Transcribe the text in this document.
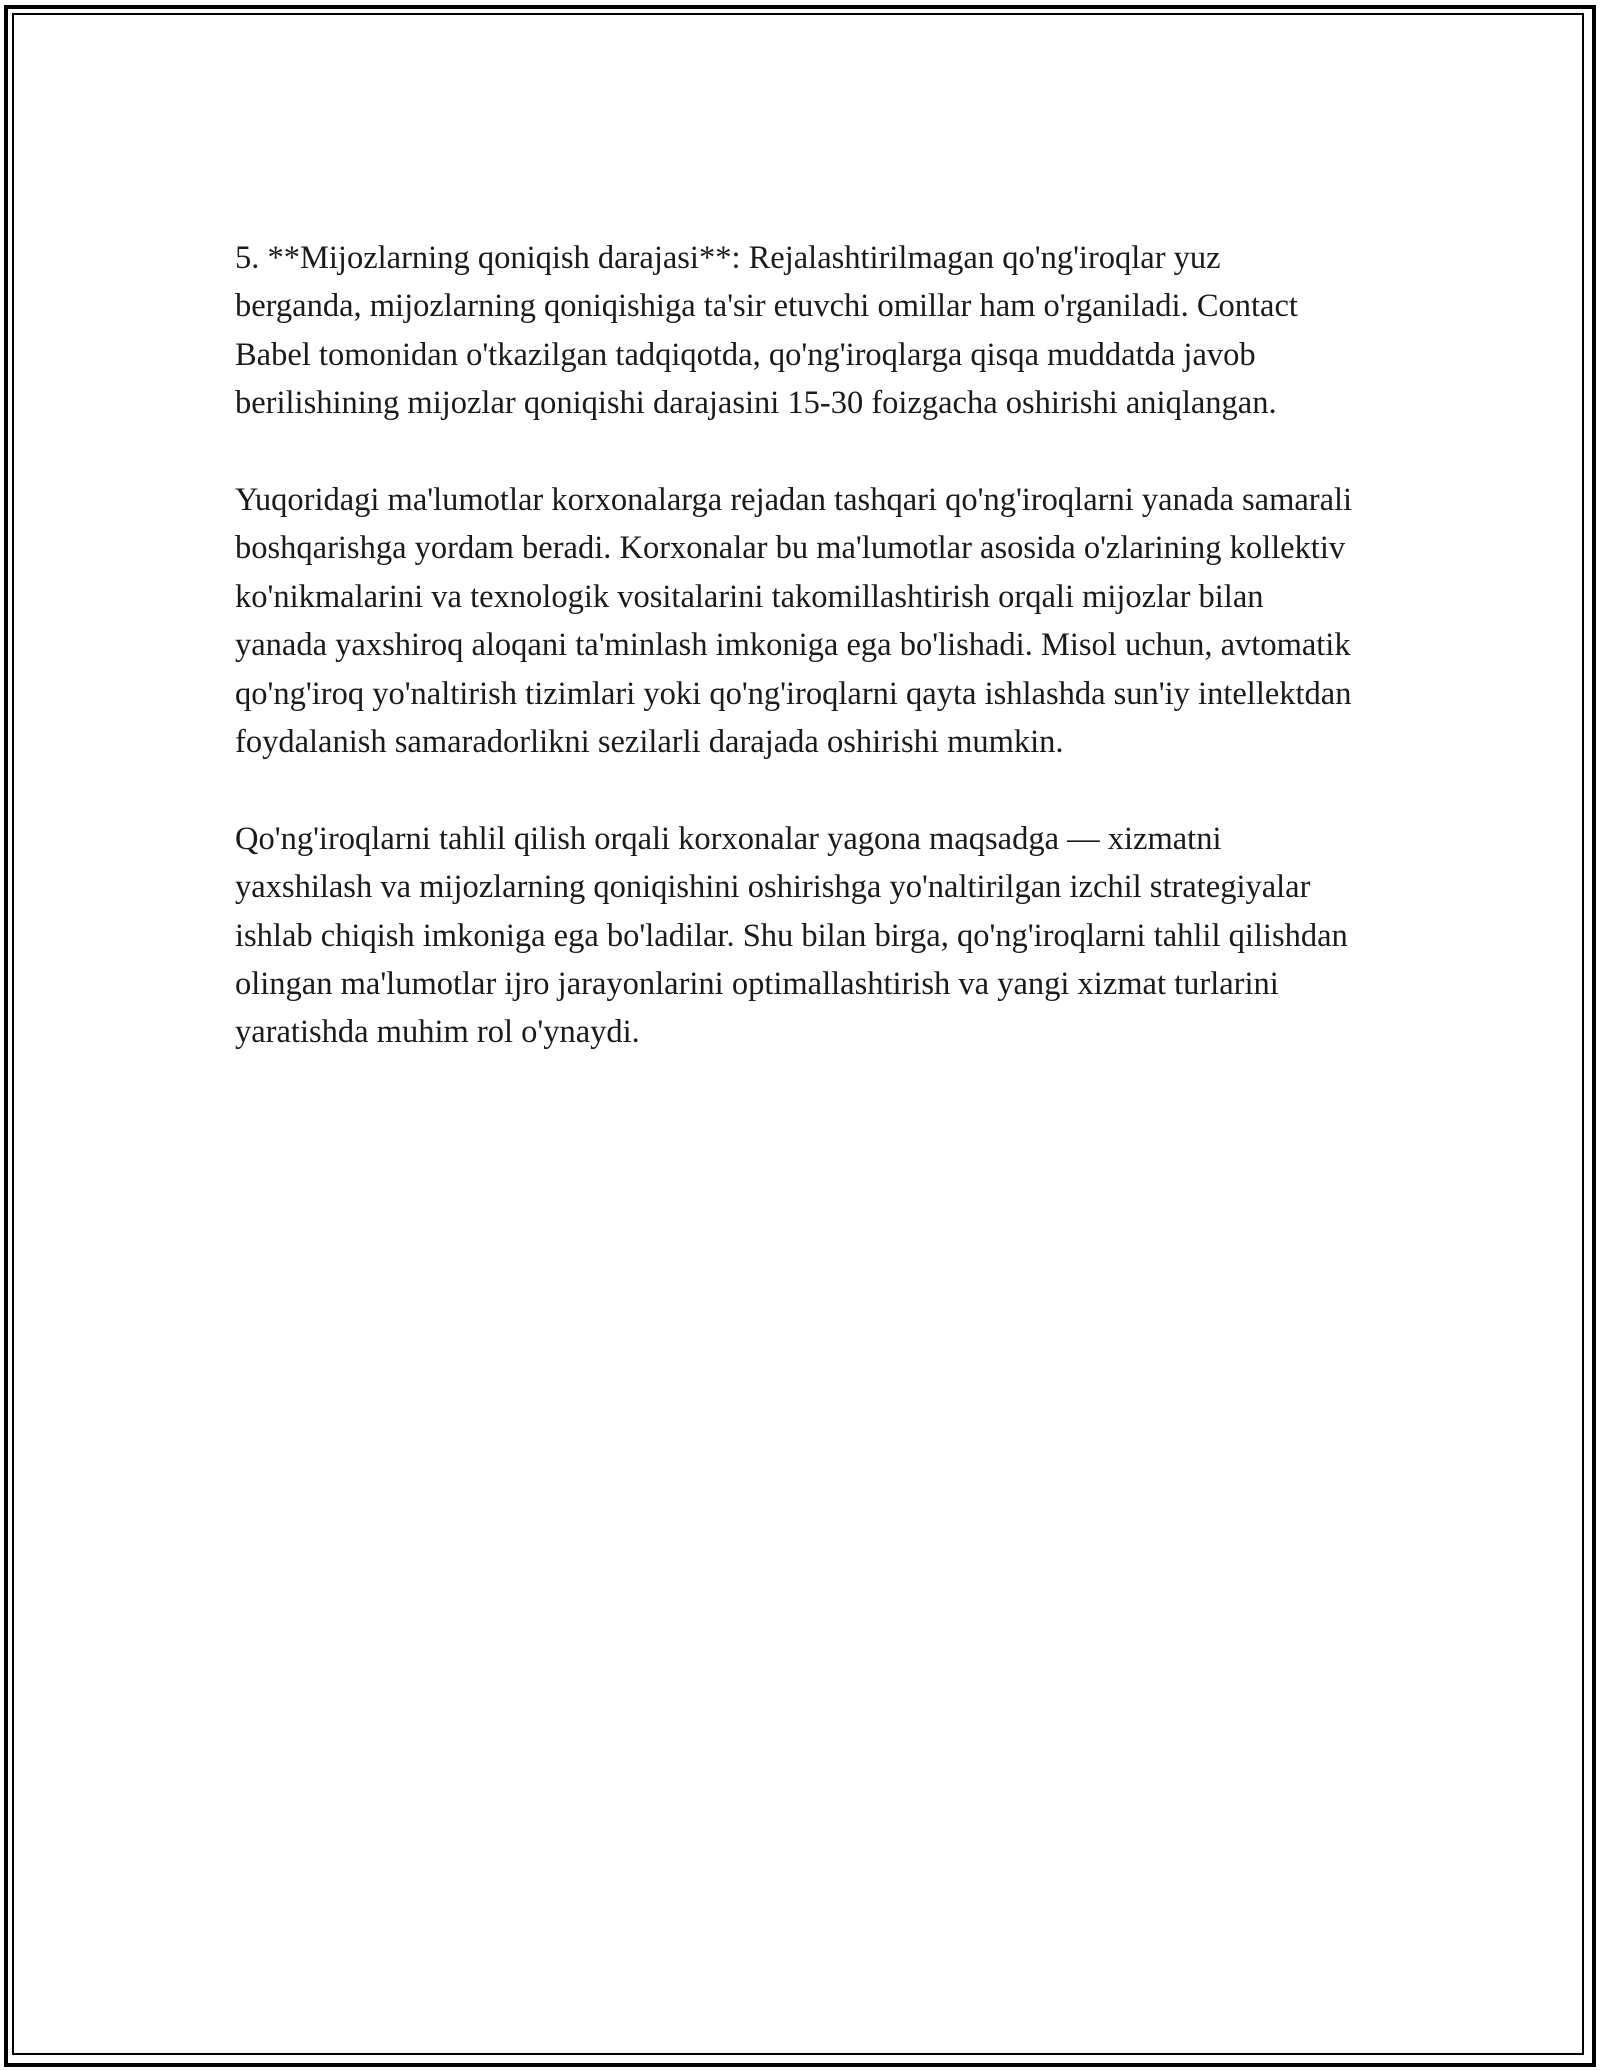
5. **Mijozlarning qoniqish darajasi**: Rejalashtirilmagan qo'ng'iroqlar yuz berganda, mijozlarning qoniqishiga ta'sir etuvchi omillar ham o'rganiladi. Contact Babel tomonidan o'tkazilgan tadqiqotda, qo'ng'iroqlarga qisqa muddatda javob berilishining mijozlar qoniqishi darajasini 15-30 foizgacha oshirishi aniqlangan.

Yuqoridagi ma'lumotlar korxonalarga rejadan tashqari qo'ng'iroqlarni yanada samarali boshqarishga yordam beradi. Korxonalar bu ma'lumotlar asosida o'zlarining kollektiv ko'nikmalarini va texnologik vositalarini takomillashtirish orqali mijozlar bilan yanada yaxshiroq aloqani ta'minlash imkoniga ega bo'lishadi. Misol uchun, avtomatik qo'ng'iroq yo'naltirish tizimlari yoki qo'ng'iroqlarni qayta ishlashda sun'iy intellektdan foydalanish samaradorlikni sezilarli darajada oshirishi mumkin.

Qo'ng'iroqlarni tahlil qilish orqali korxonalar yagona maqsadga — xizmatni yaxshilash va mijozlarning qoniqishini oshirishga yo'naltirilgan izchil strategiyalar ishlab chiqish imkoniga ega bo'ladilar. Shu bilan birga, qo'ng'iroqlarni tahlil qilishdan olingan ma'lumotlar ijro jarayonlarini optimallashtirish va yangi xizmat turlarini yaratishda muhim rol o'ynaydi.
